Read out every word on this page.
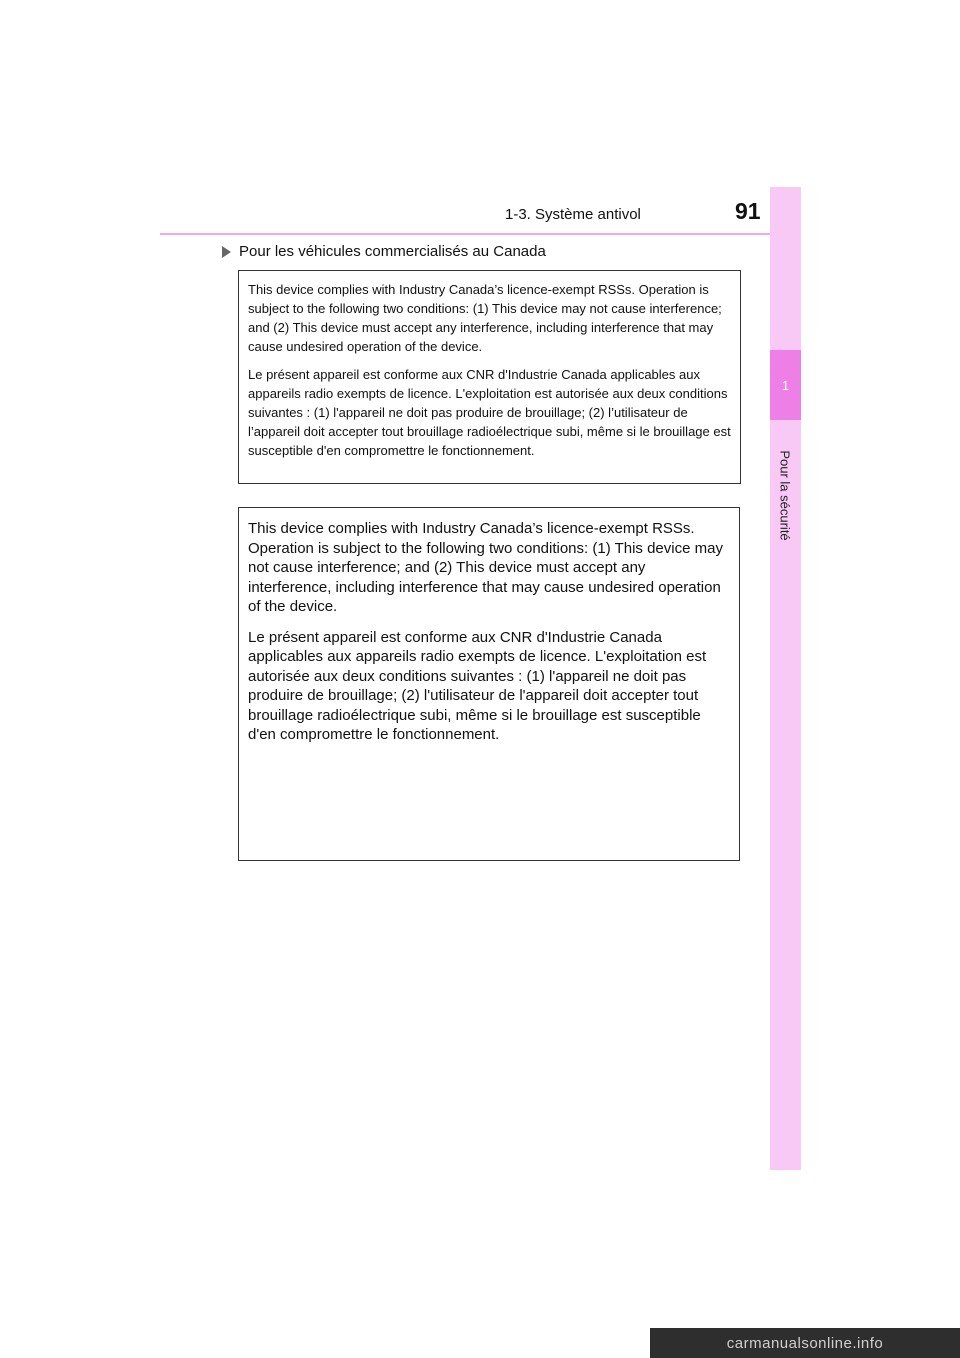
1-3. Système antivol	91
1
Pour la sécurité
Pour les véhicules commercialisés au Canada

This device complies with Industry Canada’s licence-exempt RSSs. Operation is subject to the following two conditions: (1) This device may not cause interference; and (2) This device must accept any interference, including interference that may cause undesired operation of the device.

Le présent appareil est conforme aux CNR d'Industrie Canada applicables aux appareils radio exempts de licence. L'exploitation est autorisée aux deux conditions suivantes : (1) l'appareil ne doit pas produire de brouillage; (2) l’utilisateur de l’appareil doit accepter tout brouillage radioélectrique subi, même si le brouillage est susceptible d'en compromettre le fonctionnement.

This device complies with Industry Canada’s licence-exempt RSSs. Operation is subject to the following two conditions: (1) This device may not cause interference; and (2) This device must accept any interference, including interference that may cause undesired operation of the device.

Le présent appareil est conforme aux CNR d'Industrie Canada applicables aux appareils radio exempts de licence. L'exploitation est autorisée aux deux conditions suivantes : (1) l'appareil ne doit pas produire de brouillage; (2) l'utilisateur de l'appareil doit accepter tout brouillage radioélectrique subi, même si le brouillage est susceptible d'en compromettre le fonctionnement.

carmanualsonline.info
